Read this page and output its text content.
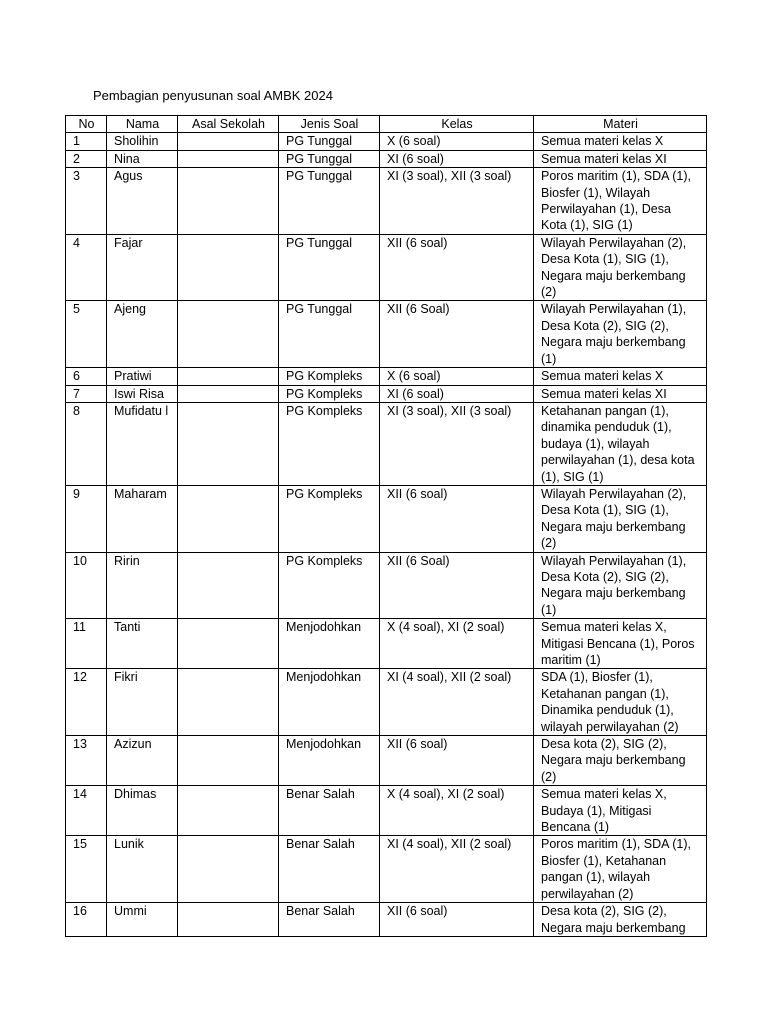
Pembagian penyusunan soal AMBK 2024
No	Nama	Asal Sekolah	Jenis Soal	Kelas	Materi
1	Sholihin		PG Tunggal	X (6 soal)	Semua materi kelas X
2	Nina		PG Tunggal	XI (6 soal)	Semua materi kelas XI
3	Agus		PG Tunggal	XI (3 soal), XII (3 soal)	Poros maritim (1), SDA (1), Biosfer (1), Wilayah Perwilayahan (1), Desa Kota (1), SIG (1)
4	Fajar		PG Tunggal	XII (6 soal)	Wilayah Perwilayahan (2), Desa Kota (1), SIG (1), Negara maju berkembang (2)
5	Ajeng		PG Tunggal	XII (6 Soal)	Wilayah Perwilayahan (1), Desa Kota (2), SIG (2), Negara maju berkembang (1)
6	Pratiwi		PG Kompleks	X (6 soal)	Semua materi kelas X
7	Iswi Risa		PG Kompleks	XI (6 soal)	Semua materi kelas XI
8	Mufidatu l		PG Kompleks	XI (3 soal), XII (3 soal)	Ketahanan pangan (1), dinamika penduduk (1), budaya (1), wilayah perwilayahan (1), desa kota (1), SIG (1)
9	Maharam		PG Kompleks	XII (6 soal)	Wilayah Perwilayahan (2), Desa Kota (1), SIG (1), Negara maju berkembang (2)
10	Ririn		PG Kompleks	XII (6 Soal)	Wilayah Perwilayahan (1), Desa Kota (2), SIG (2), Negara maju berkembang (1)
11	Tanti		Menjodohkan	X (4 soal), XI (2 soal)	Semua materi kelas X, Mitigasi Bencana (1), Poros maritim (1)
12	Fikri		Menjodohkan	XI (4 soal), XII (2 soal)	SDA (1), Biosfer (1), Ketahanan pangan (1), Dinamika penduduk (1), wilayah perwilayahan (2)
13	Azizun		Menjodohkan	XII (6 soal)	Desa kota (2), SIG (2), Negara maju berkembang (2)
14	Dhimas		Benar Salah	X (4 soal), XI (2 soal)	Semua materi kelas X, Budaya (1), Mitigasi Bencana (1)
15	Lunik		Benar Salah	XI (4 soal), XII (2 soal)	Poros maritim (1), SDA (1), Biosfer (1), Ketahanan pangan (1), wilayah perwilayahan (2)
16	Ummi		Benar Salah	XII (6 soal)	Desa kota (2), SIG (2), Negara maju berkembang
